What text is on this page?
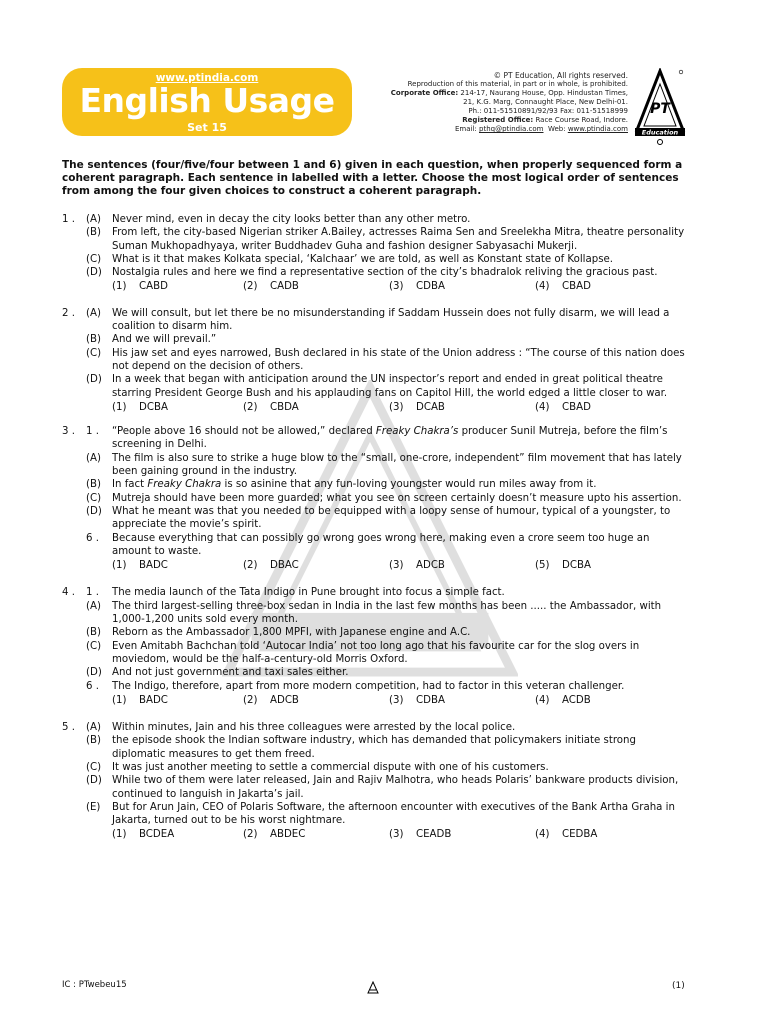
www.ptindia.com
English Usage
Set 15
© PT Education, All rights reserved.
Reproduction of this material, in part or in whole, is prohibited.
Corporate Office: 214-17, Naurang House, Opp. Hindustan Times,
21, K.G. Marg, Connaught Place, New Delhi-01.
Ph.: 011-51510891/92/93 Fax: 011-51518999
Registered Office: Race Course Road, Indore.
Email: pthq@ptindia.com Web: www.ptindia.com
PT
Education
The sentences (four/five/four between 1 and 6) given in each question, when properly sequenced form a coherent paragraph. Each sentence in labelled with a letter. Choose the most logical order of sentences from among the four given choices to construct a coherent paragraph.
1 .	(A)	Never mind, even in decay the city looks better than any other metro.
(B)	From left, the city-based Nigerian striker A.Bailey, actresses Raima Sen and Sreelekha Mitra, theatre personality Suman Mukhopadhyaya, writer Buddhadev Guha and fashion designer Sabyasachi Mukerji.
(C)	What is it that makes Kolkata special, ‘Kalchaar’ we are told, as well as Konstant state of Kollapse.
(D)	Nostalgia rules and here we find a representative section of the city’s bhadralok reliving the gracious past.
(1)	CABD	(2)	CADB	(3)	CDBA	(4)	CBAD
2 .	(A)	We will consult, but let there be no misunderstanding if Saddam Hussein does not fully disarm, we will lead a coalition to disarm him.
(B)	And we will prevail.”
(C)	His jaw set and eyes narrowed, Bush declared in his state of the Union address : “The course of this nation does not depend on the decision of others.
(D)	In a week that began with anticipation around the UN inspector’s report and ended in great political theatre starring President George Bush and his applauding fans on Capitol Hill, the world edged a little closer to war.
(1)	DCBA	(2)	CBDA	(3)	DCAB	(4)	CBAD
3 .	1 .	“People above 16 should not be allowed,” declared Freaky Chakra’s producer Sunil Mutreja, before the film’s screening in Delhi.
(A)	The film is also sure to strike a huge blow to the “small, one-crore, independent” film movement that has lately been gaining ground in the industry.
(B)	In fact Freaky Chakra is so asinine that any fun-loving youngster would run miles away from it.
(C)	Mutreja should have been more guarded; what you see on screen certainly doesn’t measure upto his assertion.
(D)	What he meant was that you needed to be equipped with a loopy sense of humour, typical of a youngster, to appreciate the movie’s spirit.
6 .	Because everything that can possibly go wrong goes wrong here, making even a crore seem too huge an amount to waste.
(1)	BADC	(2)	DBAC	(3)	ADCB	(5)	DCBA
4 .	1 .	The media launch of the Tata Indigo in Pune brought into focus a simple fact.
(A)	The third largest-selling three-box sedan in India in the last few months has been ..... the Ambassador, with 1,000-1,200 units sold every month.
(B)	Reborn as the Ambassador 1,800 MPFI, with Japanese engine and A.C.
(C)	Even Amitabh Bachchan told ‘Autocar India’ not too long ago that his favourite car for the slog overs in moviedom, would be the half-a-century-old Morris Oxford.
(D)	And not just government and taxi sales either.
6 .	The Indigo, therefore, apart from more modern competition, had to factor in this veteran challenger.
(1)	BADC	(2)	ADCB	(3)	CDBA	(4)	ACDB
5 .	(A)	Within minutes, Jain and his three colleagues were arrested by the local police.
(B)	the episode shook the Indian software industry, which has demanded that policymakers initiate strong diplomatic measures to get them freed.
(C)	It was just another meeting to settle a commercial dispute with one of his customers.
(D)	While two of them were later released, Jain and Rajiv Malhotra, who heads Polaris’ bankware products division, continued to languish in Jakarta’s jail.
(E)	But for Arun Jain, CEO of Polaris Software, the afternoon encounter with executives of the Bank Artha Graha in Jakarta, turned out to be his worst nightmare.
(1)	BCDEA	(2)	ABDEC	(3)	CEADB	(4)	CEDBA
IC : PTwebeu15	(1)
